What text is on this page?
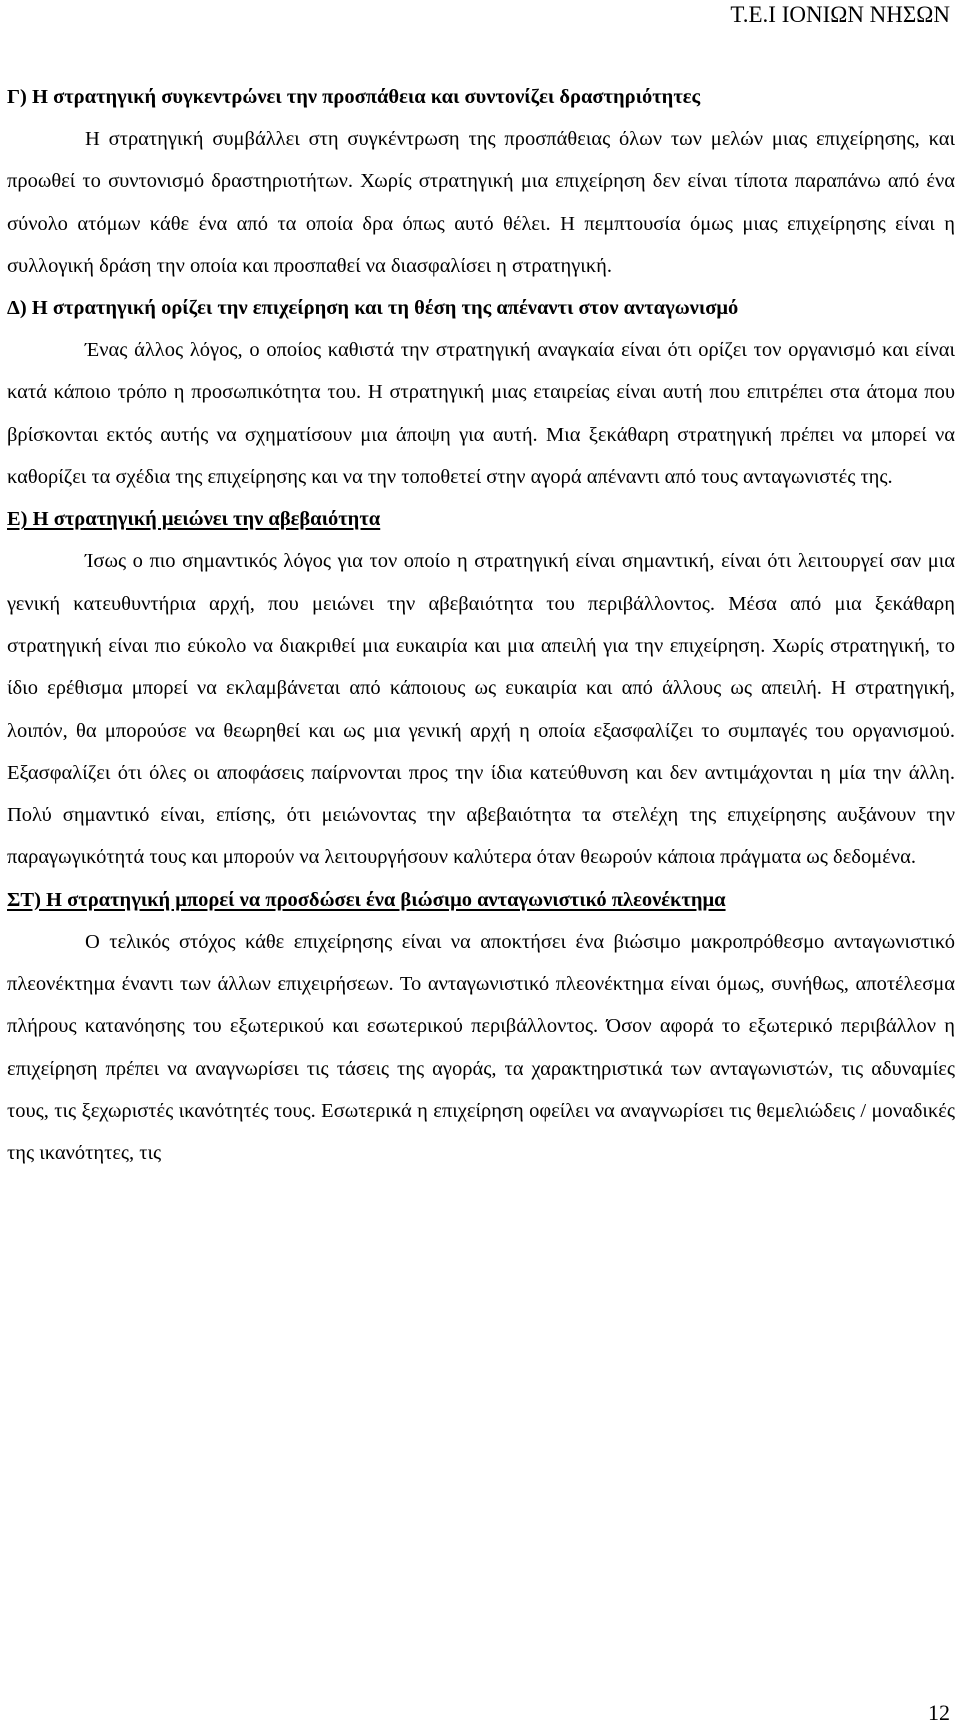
Τ.Ε.Ι ΙΟΝΙΩΝ ΝΗΣΩΝ
Γ) Η στρατηγική συγκεντρώνει την προσπάθεια και συντονίζει δραστηριότητες

Η στρατηγική συμβάλλει στη συγκέντρωση της προσπάθειας όλων των μελών μιας επιχείρησης, και προωθεί το συντονισμό δραστηριοτήτων. Χωρίς στρατηγική μια επιχείρηση δεν είναι τίποτα παραπάνω από ένα σύνολο ατόμων κάθε ένα από τα οποία δρα όπως αυτό θέλει. Η πεμπτουσία όμως μιας επιχείρησης είναι η συλλογική δράση την οποία και προσπαθεί να διασφαλίσει η στρατηγική.

Δ) Η στρατηγική ορίζει την επιχείρηση και τη θέση της απέναντι στον ανταγωνισμό

Ένας άλλος λόγος, ο οποίος καθιστά την στρατηγική αναγκαία είναι ότι ορίζει τον οργανισμό και είναι κατά κάποιο τρόπο η προσωπικότητα του. Η στρατηγική μιας εταιρείας είναι αυτή που επιτρέπει στα άτομα που βρίσκονται εκτός αυτής να σχηματίσουν μια άποψη για αυτή. Μια ξεκάθαρη στρατηγική πρέπει να μπορεί να καθορίζει τα σχέδια της επιχείρησης και να την τοποθετεί στην αγορά απέναντι από τους ανταγωνιστές της.

Ε) Η στρατηγική μειώνει την αβεβαιότητα

Ίσως ο πιο σημαντικός λόγος για τον οποίο η στρατηγική είναι σημαντική, είναι ότι λειτουργεί σαν μια γενική κατευθυντήρια αρχή, που μειώνει την αβεβαιότητα του περιβάλλοντος. Μέσα από μια ξεκάθαρη στρατηγική είναι πιο εύκολο να διακριθεί μια ευκαιρία και μια απειλή για την επιχείρηση. Χωρίς στρατηγική, το ίδιο ερέθισμα μπορεί να εκλαμβάνεται από κάποιους ως ευκαιρία και από άλλους ως απειλή. Η στρατηγική, λοιπόν, θα μπορούσε να θεωρηθεί και ως μια γενική αρχή η οποία εξασφαλίζει το συμπαγές του οργανισμού. Εξασφαλίζει ότι όλες οι αποφάσεις παίρνονται προς την ίδια κατεύθυνση και δεν αντιμάχονται η μία την άλλη. Πολύ σημαντικό είναι, επίσης, ότι μειώνοντας την αβεβαιότητα τα στελέχη της επιχείρησης αυξάνουν την παραγωγικότητά τους και μπορούν να λειτουργήσουν καλύτερα όταν θεωρούν κάποια πράγματα ως δεδομένα.

ΣΤ) Η στρατηγική μπορεί να προσδώσει ένα βιώσιμο ανταγωνιστικό πλεονέκτημα

Ο τελικός στόχος κάθε επιχείρησης είναι να αποκτήσει ένα βιώσιμο μακροπρόθεσμο ανταγωνιστικό πλεονέκτημα έναντι των άλλων επιχειρήσεων. Το ανταγωνιστικό πλεονέκτημα είναι όμως, συνήθως, αποτέλεσμα πλήρους κατανόησης του εξωτερικού και εσωτερικού περιβάλλοντος. Όσον αφορά το εξωτερικό περιβάλλον η επιχείρηση πρέπει να αναγνωρίσει τις τάσεις της αγοράς, τα χαρακτηριστικά των ανταγωνιστών, τις αδυναμίες τους, τις ξεχωριστές ικανότητές τους. Εσωτερικά η επιχείρηση οφείλει να αναγνωρίσει τις θεμελιώδεις / μοναδικές της ικανότητες, τις

12
